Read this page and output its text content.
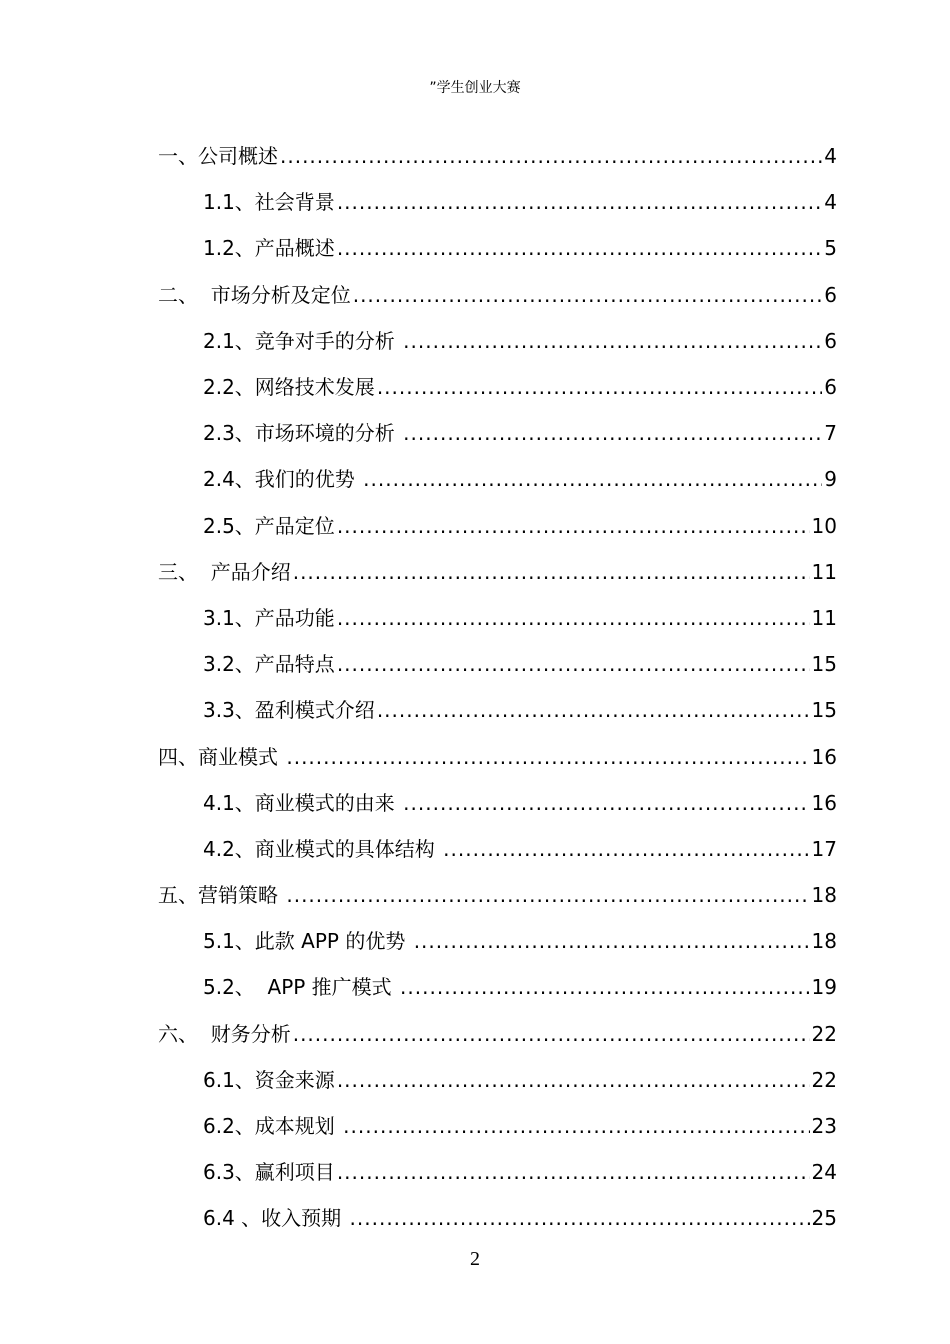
”学生创业大赛
一、公司概述 .....	4
1.1、社会背景 .....	4
1.2、产品概述 .....	5
二、  市场分析及定位 .....	6
2.1、竞争对手的分析 .....	6
2.2、网络技术发展 .....	6
2.3、市场环境的分析 .....	7
2.4、我们的优势 .....	9
2.5、产品定位 .....	10
三、  产品介绍 .....	11
3.1、产品功能 .....	11
3.2、产品特点 .....	15
3.3、盈利模式介绍 .....	15
四、商业模式 .....	16
4.1、商业模式的由来 .....	16
4.2、商业模式的具体结构 .....	17
五、营销策略 .....	18
5.1、此款 APP 的优势 .....	18
5.2、  APP 推广模式 .....	19
六、  财务分析 .....	22
6.1、资金来源 .....	22
6.2、成本规划 .....	23
6.3、赢利项目 .....	24
6.4 、收入预期 .....	25
2
